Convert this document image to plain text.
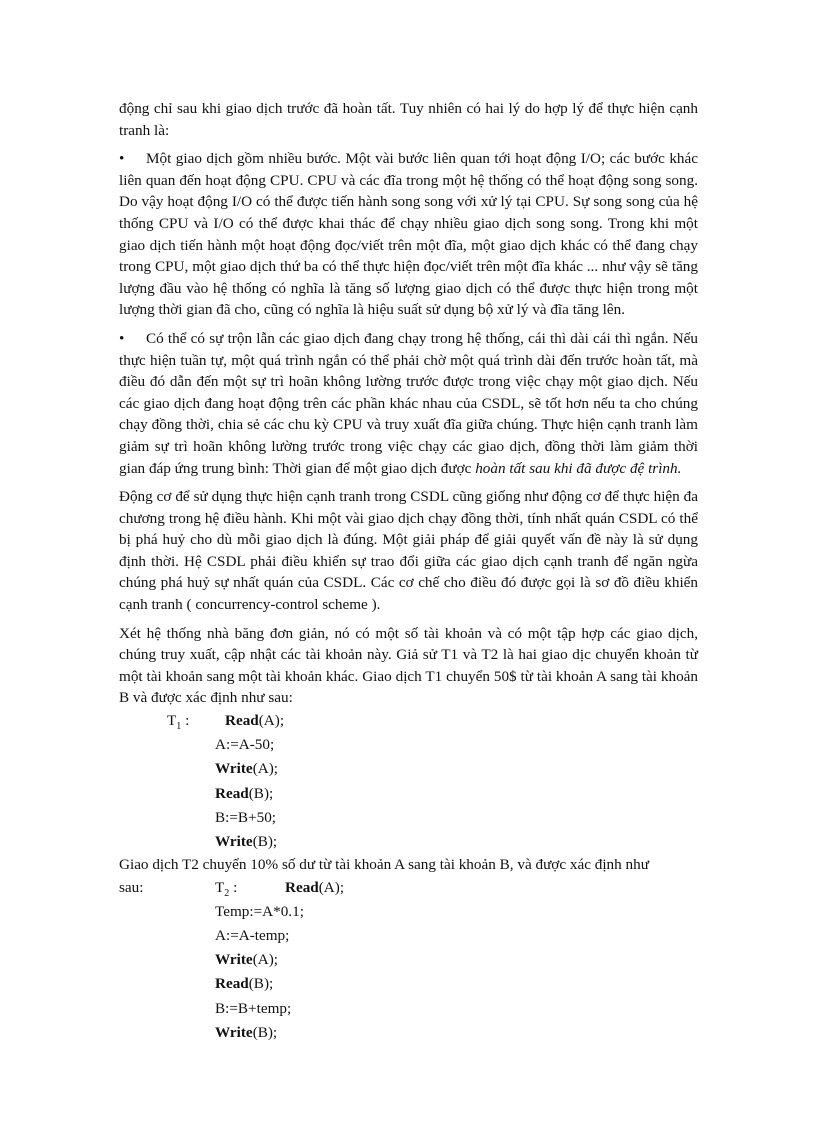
động chỉ sau khi giao dịch trước đã hoàn tất. Tuy nhiên có hai lý do hợp lý để thực hiện cạnh tranh là:

•	Một giao dịch gồm nhiều bước. Một vài bước liên quan tới hoạt động I/O; các bước khác liên quan đến hoạt động CPU. CPU và các đĩa trong một hệ thống có thể hoạt động song song. Do vậy hoạt động I/O có thể được tiến hành song song với xử lý tại CPU. Sự song song của hệ thống CPU và I/O có thể được khai thác để chạy nhiều giao dịch song song. Trong khi một giao dịch tiến hành một hoạt động đọc/viết trên một đĩa, một giao dịch khác có thể đang chạy trong CPU, một giao dịch thứ ba có thể thực hiện đọc/viết trên một đĩa khác ... như vậy sẽ tăng lượng đầu vào hệ thống có nghĩa là tăng số lượng giao dịch có thể được thực hiện trong một lượng thời gian đã cho, cũng có nghĩa là hiệu suất sử dụng bộ xử lý và đĩa tăng lên.

•	Có thể có sự trộn lẫn các giao dịch đang chạy trong hệ thống, cái thì dài cái thì ngắn. Nếu thực hiện tuần tự, một quá trình ngắn có thể phải chờ một quá trình dài đến trước hoàn tất, mà điều đó dẫn đến một sự trì hoãn không lường trước được trong việc chạy một giao dịch. Nếu các giao dịch đang hoạt động trên các phần khác nhau của CSDL, sẽ tốt hơn nếu ta cho chúng chạy đồng thời, chia sẻ các chu kỳ CPU và truy xuất đĩa giữa chúng. Thực hiện cạnh tranh làm giảm sự trì hoãn không lường trước trong việc chạy các giao dịch, đồng thời làm giảm thời gian đáp ứng trung bình: Thời gian để một giao dịch được hoàn tất sau khi đã được đệ trình.

Động cơ để sử dụng thực hiện cạnh tranh trong CSDL cũng giống như động cơ để thực hiện đa chương trong hệ điều hành. Khi một vài giao dịch chạy đồng thời, tính nhất quán CSDL có thể bị phá huỷ cho dù mỗi giao dịch là đúng. Một giải pháp để giải quyết vấn đề này là sử dụng định thời. Hệ CSDL phải điều khiển sự trao đổi giữa các giao dịch cạnh tranh để ngăn ngừa chúng phá huỷ sự nhất quán của CSDL. Các cơ chế cho điều đó được gọi là sơ đồ điều khiển cạnh tranh ( concurrency-control scheme ).

Xét hệ thống nhà băng đơn giản, nó có một số tài khoản và có một tập hợp các giao dịch, chúng truy xuất, cập nhật các tài khoản này. Giả sử T1 và T2 là hai giao dịc chuyển khoản từ một tài khoản sang một tài khoản khác. Giao dịch T1 chuyển 50$ từ tài khoản A sang tài khoản B và được xác định như sau:

$T_1$ : Read(A);
A:=A-50;
Write(A);
Read(B);
B:=B+50;
Write(B);

Giao dịch T2 chuyển 10% số dư từ tài khoản A sang tài khoản B, và được xác định như

sau:	$T_2$ :	Read(A);
Temp:=A*0.1;
A:=A-temp;
Write(A);
Read(B);
B:=B+temp;
Write(B);
